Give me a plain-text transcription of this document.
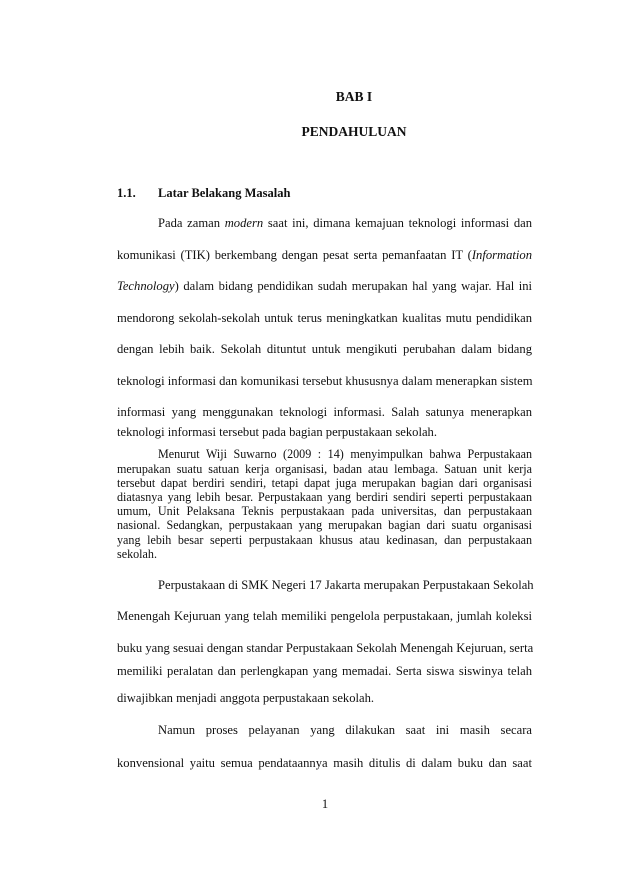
BAB I
PENDAHULUAN
1.1. Latar Belakang Masalah
Pada zaman modern saat ini, dimana kemajuan teknologi informasi dan
komunikasi (TIK) berkembang dengan pesat serta pemanfaatan IT (Information
Technology) dalam bidang pendidikan sudah merupakan hal yang wajar. Hal ini
mendorong sekolah-sekolah untuk terus meningkatkan kualitas mutu pendidikan
dengan lebih baik. Sekolah dituntut untuk mengikuti perubahan dalam bidang
teknologi informasi dan komunikasi tersebut khususnya dalam menerapkan sistem
informasi yang menggunakan teknologi informasi. Salah satunya menerapkan
teknologi informasi tersebut pada bagian perpustakaan sekolah.
Menurut Wiji Suwarno (2009 : 14) menyimpulkan bahwa Perpustakaan
merupakan suatu satuan kerja organisasi, badan atau lembaga. Satuan unit kerja
tersebut dapat berdiri sendiri, tetapi dapat juga merupakan bagian dari organisasi
diatasnya yang lebih besar. Perpustakaan yang berdiri sendiri seperti perpustakaan
umum, Unit Pelaksana Teknis perpustakaan pada universitas, dan perpustakaan
nasional. Sedangkan, perpustakaan yang merupakan bagian dari suatu organisasi
yang lebih besar seperti perpustakaan khusus atau kedinasan, dan perpustakaan
sekolah.
Perpustakaan di SMK Negeri 17 Jakarta merupakan Perpustakaan Sekolah
Menengah Kejuruan yang telah memiliki pengelola perpustakaan, jumlah koleksi
buku yang sesuai dengan standar Perpustakaan Sekolah Menengah Kejuruan, serta
memiliki peralatan dan perlengkapan yang memadai. Serta siswa siswinya telah
diwajibkan menjadi anggota perpustakaan sekolah.
Namun proses pelayanan yang dilakukan saat ini masih secara
konvensional yaitu semua pendataannya masih ditulis di dalam buku dan saat
1
